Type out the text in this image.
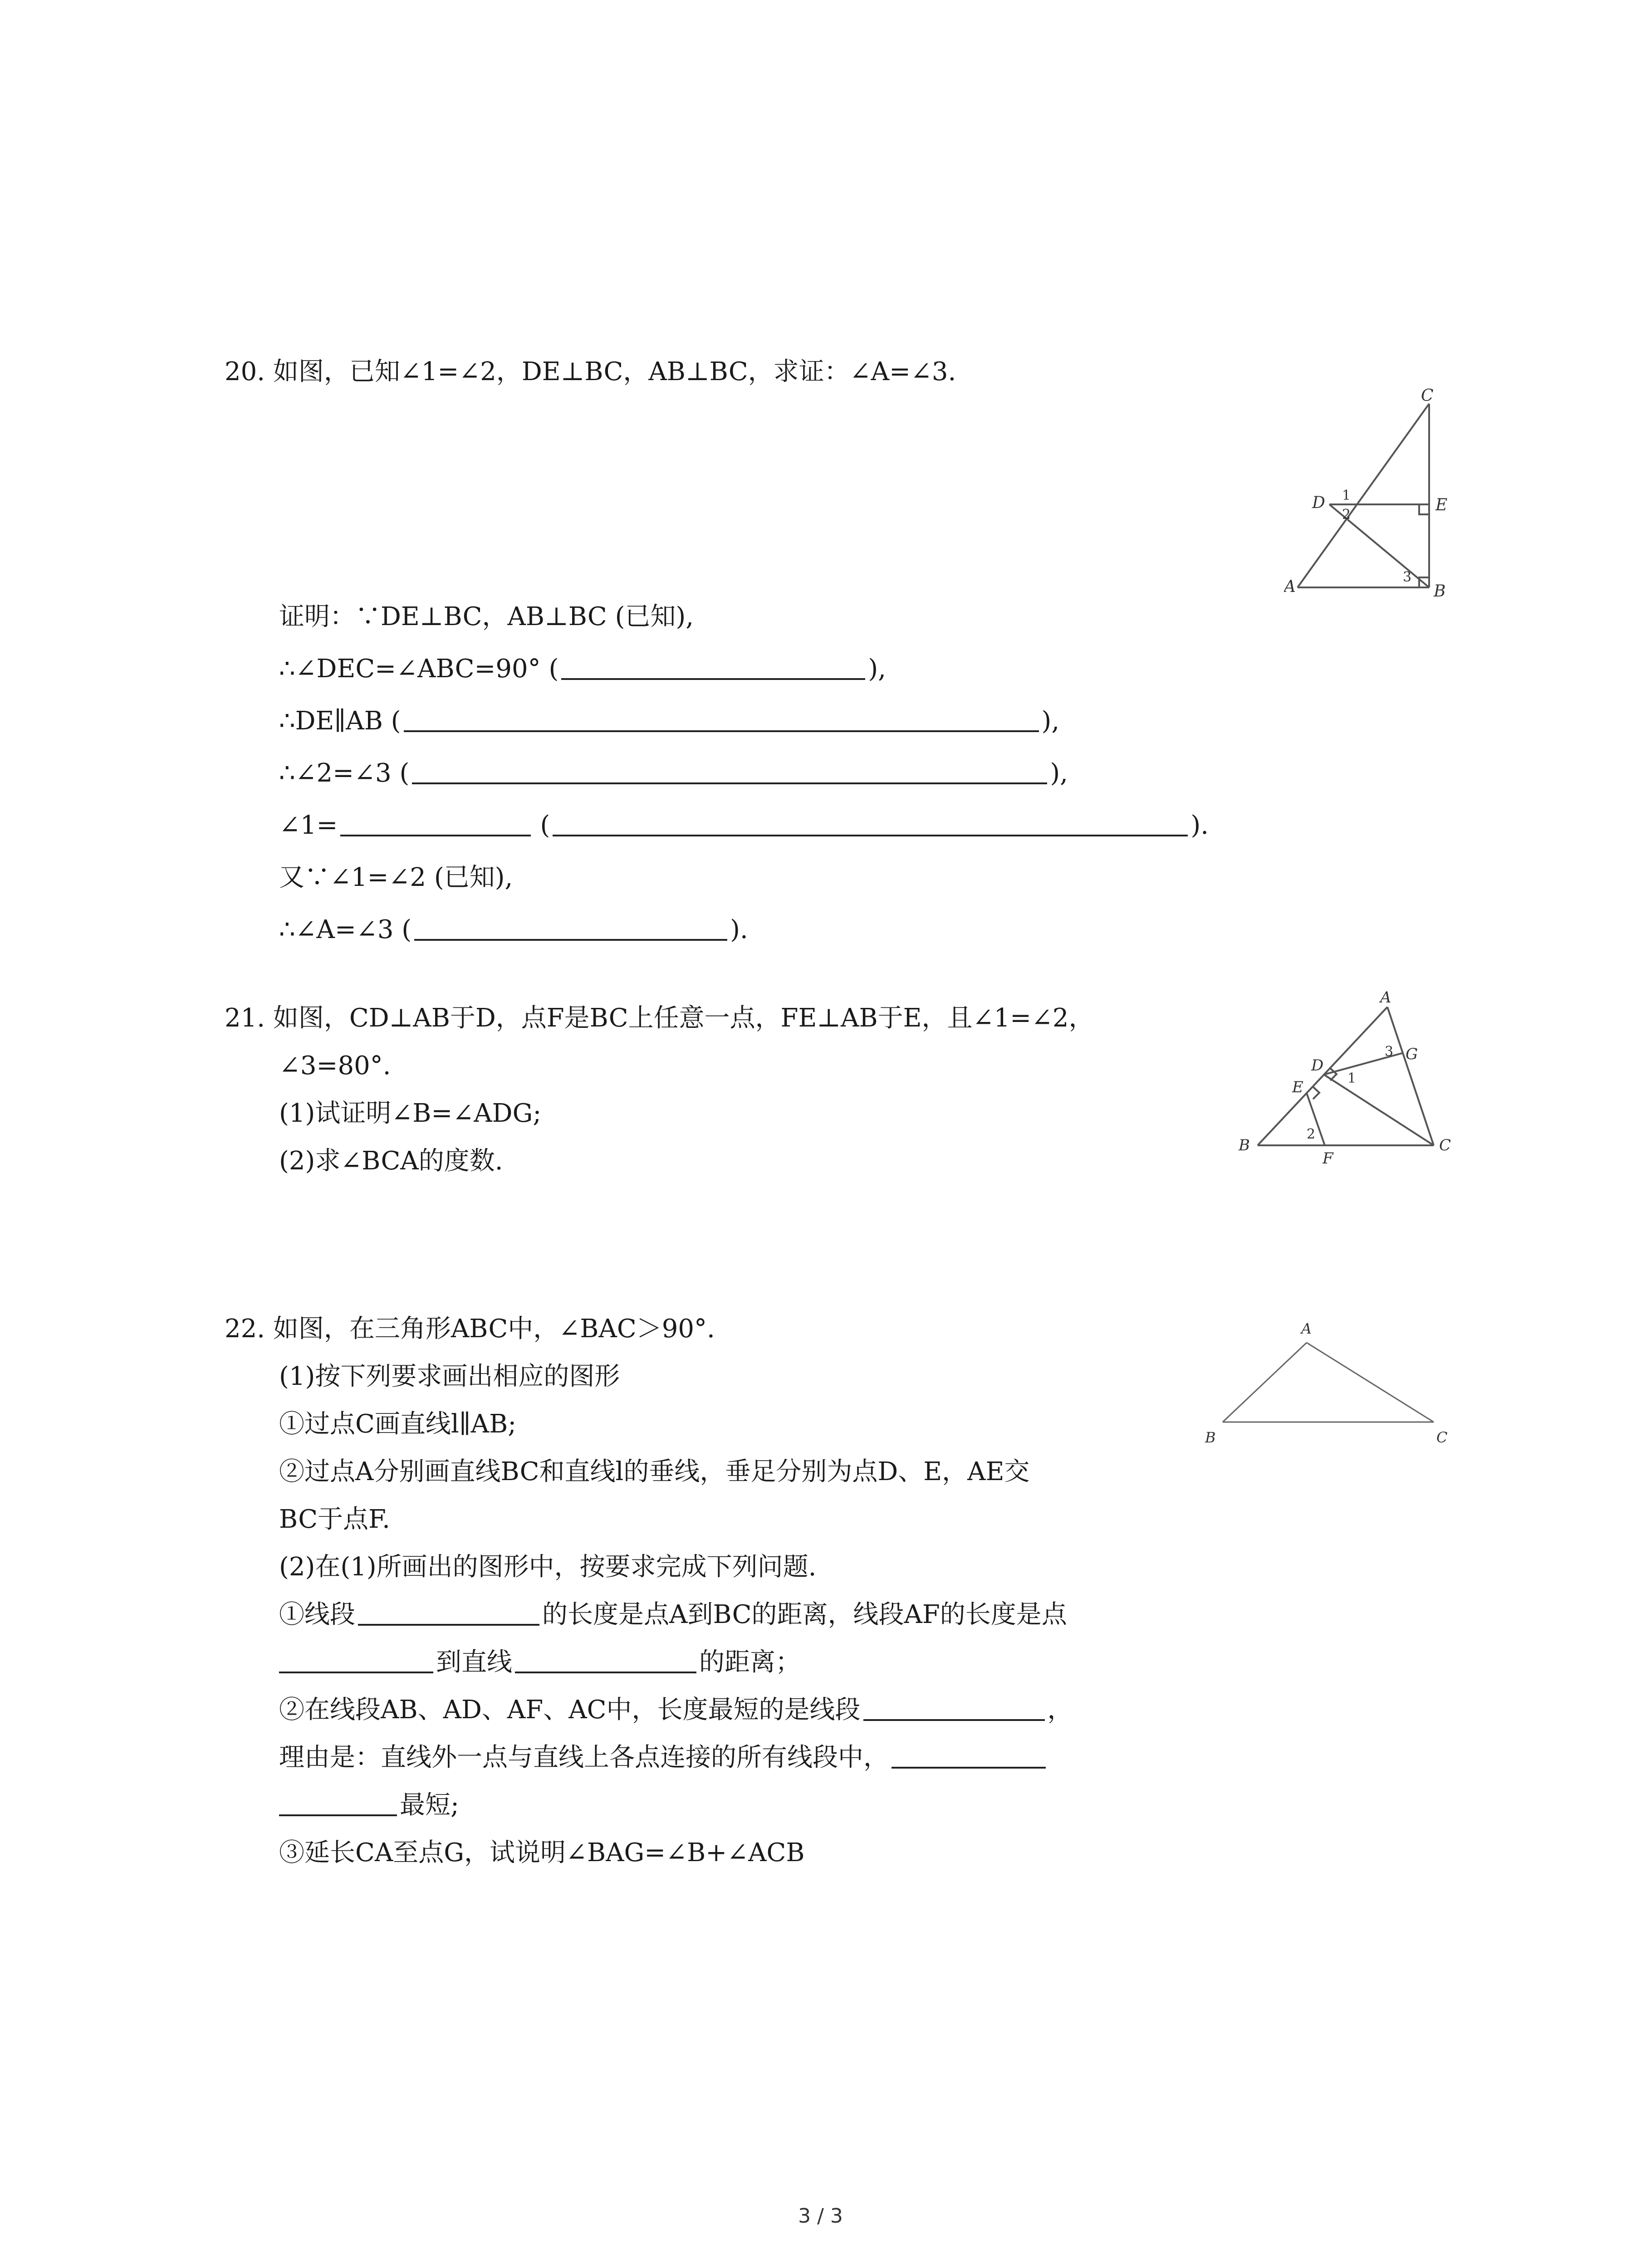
20. 如图，已知∠1=∠2，DE⊥BC，AB⊥BC，求证：∠A=∠3.
C
D	E
A	B
1
2
3
证明：∵DE⊥BC，AB⊥BC (已知),
∴∠DEC=∠ABC=90° (	),
∴DE∥AB (	),
∴∠2=∠3 (	),
∠1=	(	).
又∵∠1=∠2 (已知),
∴∠A=∠3 (	).
21. 如图，CD⊥AB于D，点F是BC上任意一点，FE⊥AB于E，且∠1=∠2，
∠3=80°.
(1)试证明∠B=∠ADG;
(2)求∠BCA的度数.
A
D
G
E
B
F
C
1
2
3
22. 如图，在三角形ABC中，∠BAC＞90°.
(1)按下列要求画出相应的图形
①过点C画直线l∥AB;
②过点A分别画直线BC和直线l的垂线，垂足分别为点D、E，AE交
BC于点F.
(2)在(1)所画出的图形中，按要求完成下列问题.
①线段	的长度是点A到BC的距离，线段AF的长度是点
到直线	的距离；
②在线段AB、AD、AF、AC中，长度最短的是线段	，
理由是：直线外一点与直线上各点连接的所有线段中，
最短;
③延长CA至点G，试说明∠BAG=∠B+∠ACB
A
B	C
3 / 3
